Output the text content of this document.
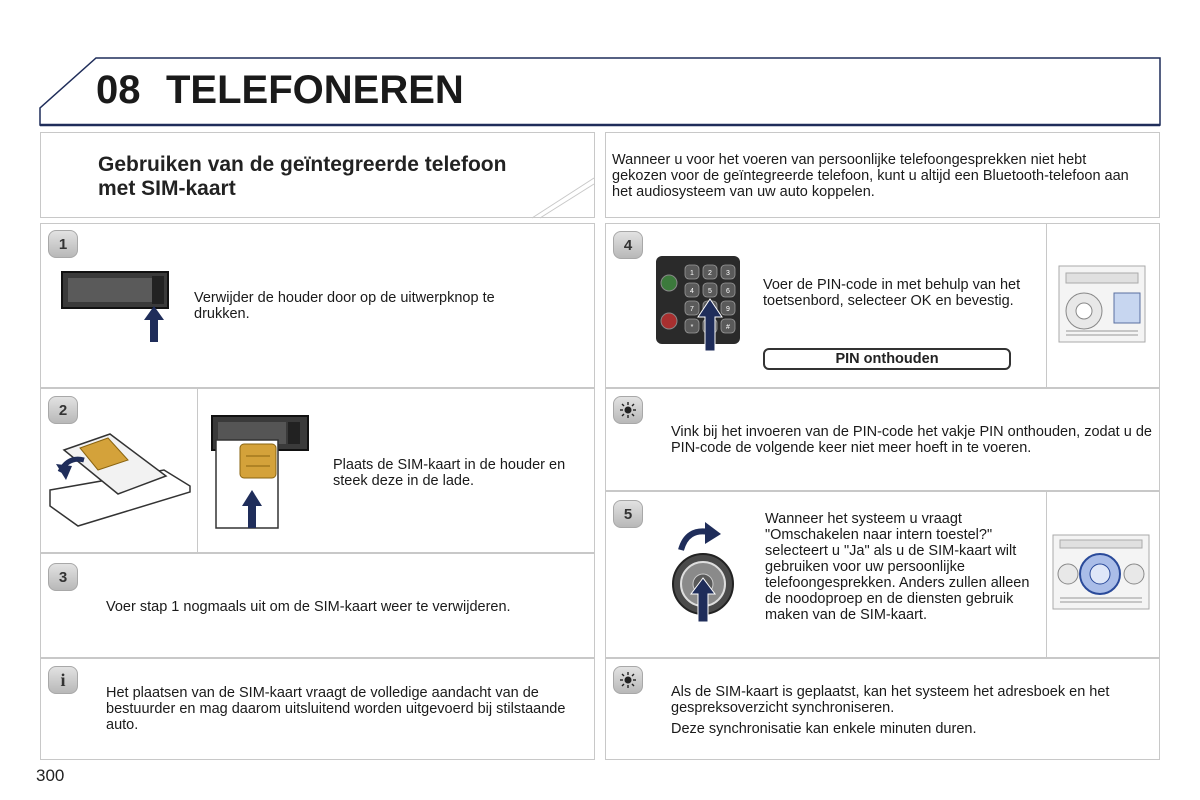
08 TELEFONEREN
Gebruiken van de geïntegreerde telefoon
met SIM-kaart
Wanneer u voor het voeren van persoonlijke telefoongesprekken niet hebt gekozen voor de geïntegreerde telefoon, kunt u altijd een Bluetooth-telefoon aan het audiosysteem van uw auto koppelen.
1
Verwijder de houder door op de uitwerpknop te drukken.
2
Plaats de SIM-kaart in de houder en steek deze in de lade.
3
Voer stap 1 nogmaals uit om de SIM-kaart weer te verwijderen.
i
Het plaatsen van de SIM-kaart vraagt de volledige aandacht van de bestuurder en mag daarom uitsluitend worden uitgevoerd bij stilstaande auto.
4
1 2 3
4 5 6
7	9
*	#
Voer de PIN-code in met behulp van het toetsenbord, selecteer OK en bevestig.
PIN onthouden
Vink bij het invoeren van de PIN-code het vakje PIN onthouden, zodat u de PIN-code de volgende keer niet meer hoeft in te voeren.
5	Wanneer het systeem u vraagt "Omschakelen naar intern toestel?" selecteert u "Ja" als u de SIM-kaart wilt gebruiken voor uw persoonlijke telefoongesprekken. Anders zullen alleen de noodoproep en de diensten gebruik maken van de SIM-kaart.
Als de SIM-kaart is geplaatst, kan het systeem het adresboek en het gespreksoverzicht synchroniseren.
Deze synchronisatie kan enkele minuten duren.
300
